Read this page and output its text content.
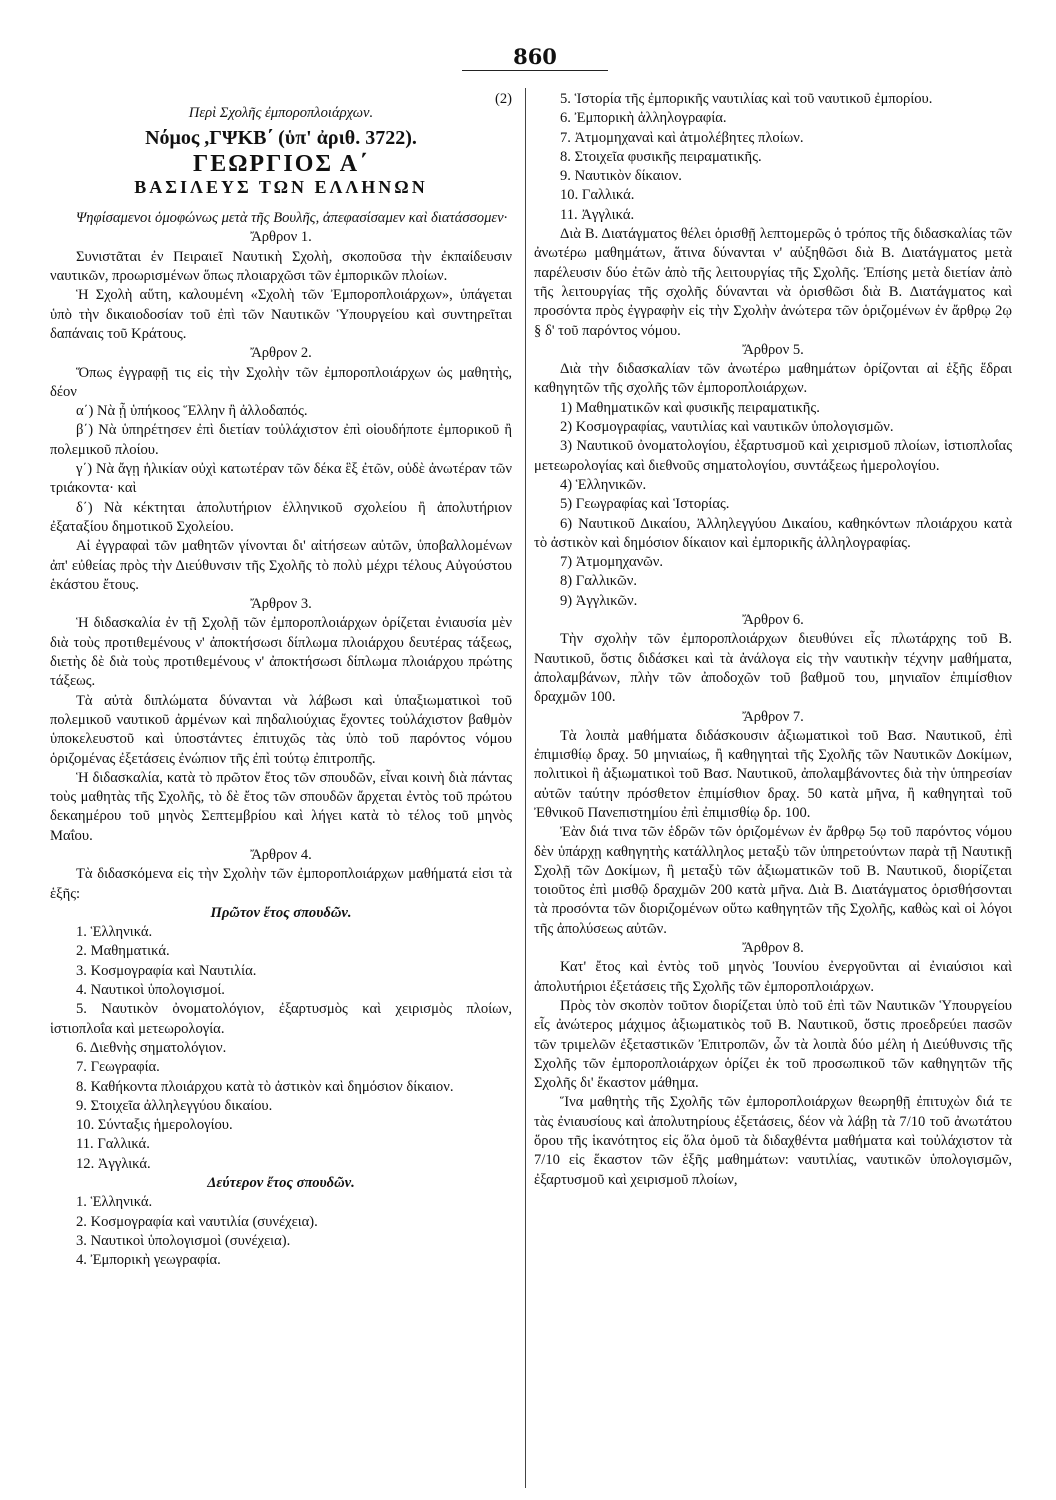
860

Περὶ Σχολῆς ἐμποροπλοιάρχων.
(2)

Νόμος ,ΓΨΚΒ΄ (ὑπ' ἀριθ. 3722).

ΓΕΩΡΓΙΟΣ Α΄

ΒΑΣΙΛΕΥΣ ΤΩΝ ΕΛΛΗΝΩΝ

Ψηφίσαμενοι ὁμοφώνως μετὰ τῆς Βουλῆς, ἀπεφασίσαμεν καὶ διατάσσομεν·

Ἄρθρον 1.

Συνιστᾶται ἐν Πειραιεῖ Ναυτικὴ Σχολὴ, σκοποῦσα τὴν ἐκπαίδευσιν ναυτικῶν, προωρισμένων ὅπως πλοιαρχῶσι τῶν ἐμπορικῶν πλοίων.

Ἡ Σχολὴ αὕτη, καλουμένη «Σχολὴ τῶν Ἐμποροπλοιάρχων», ὑπάγεται ὑπὸ τὴν δικαιοδοσίαν τοῦ ἐπὶ τῶν Ναυτικῶν Ὑπουργείου καὶ συντηρεῖται δαπάναις τοῦ Κράτους.

Ἄρθρον 2.

Ὅπως ἐγγραφῇ τις εἰς τὴν Σχολὴν τῶν ἐμποροπλοιάρχων ὡς μαθητὴς, δέον

α΄) Νὰ ᾖ ὑπήκοος Ἕλλην ἢ ἀλλοδαπός.

β΄) Νὰ ὑπηρέτησεν ἐπὶ διετίαν τοὐλάχιστον ἐπὶ οἱουδήποτε ἐμπορικοῦ ἢ πολεμικοῦ πλοίου.

γ΄) Νὰ ἄγῃ ἡλικίαν οὐχὶ κατωτέραν τῶν δέκα ἓξ ἐτῶν, οὐδὲ ἀνωτέραν τῶν τριάκοντα· καὶ

δ΄) Νὰ κέκτηται ἀπολυτήριον ἑλληνικοῦ σχολείου ἢ ἀπολυτήριον ἐξαταξίου δημοτικοῦ Σχολείου.

Αἱ ἐγγραφαὶ τῶν μαθητῶν γίνονται δι' αἰτήσεων αὐτῶν, ὑποβαλλομένων ἀπ' εὐθείας πρὸς τὴν Διεύθυνσιν τῆς Σχολῆς τὸ πολὺ μέχρι τέλους Αὐγούστου ἑκάστου ἔτους.

Ἄρθρον 3.

Ἡ διδασκαλία ἐν τῇ Σχολῇ τῶν ἐμποροπλοιάρχων ὁρίζεται ἐνιαυσία μὲν διὰ τοὺς προτιθεμένους ν' ἀποκτήσωσι δίπλωμα πλοιάρχου δευτέρας τάξεως, διετὴς δὲ διὰ τοὺς προτιθεμένους ν' ἀποκτήσωσι δίπλωμα πλοιάρχου πρώτης τάξεως.

Τὰ αὐτὰ διπλώματα δύνανται νὰ λάβωσι καὶ ὑπαξιωματικοὶ τοῦ πολεμικοῦ ναυτικοῦ ἀρμένων καὶ πηδαλιούχιας ἔχοντες τοὐλάχιστον βαθμὸν ὑποκελευστοῦ καὶ ὑποστάντες ἐπιτυχῶς τὰς ὑπὸ τοῦ παρόντος νόμου ὁριζομένας ἐξετάσεις ἐνώπιον τῆς ἐπὶ τούτῳ ἐπιτροπῆς.

Ἡ διδασκαλία, κατὰ τὸ πρῶτον ἔτος τῶν σπουδῶν, εἶναι κοινὴ διὰ πάντας τοὺς μαθητὰς τῆς Σχολῆς, τὸ δὲ ἔτος τῶν σπουδῶν ἄρχεται ἐντὸς τοῦ πρώτου δεκαημέρου τοῦ μηνὸς Σεπτεμβρίου καὶ λήγει κατὰ τὸ τέλος τοῦ μηνὸς Μαΐου.

Ἄρθρον 4.

Τὰ διδασκόμενα εἰς τὴν Σχολὴν τῶν ἐμποροπλοιάρχων μαθήματά εἰσι τὰ ἑξῆς:

Πρῶτον ἔτος σπουδῶν.

1. Ἑλληνικά.

2. Μαθηματικά.

3. Κοσμογραφία καὶ Ναυτιλία.

4. Ναυτικοὶ ὑπολογισμοί.

5. Ναυτικὸν ὀνοματολόγιον, ἐξαρτυσμὸς καὶ χειρισμὸς πλοίων, ἱστιοπλοΐα καὶ μετεωρολογία.

6. Διεθνὴς σηματολόγιον.

7. Γεωγραφία.

8. Καθήκοντα πλοιάρχου κατὰ τὸ ἀστικὸν καὶ δημόσιον δίκαιον.

9. Στοιχεῖα ἀλληλεγγύου δικαίου.

10. Σύνταξις ἡμερολογίου.

11. Γαλλικά.

12. Ἀγγλικά.

Δεύτερον ἔτος σπουδῶν.

1. Ἑλληνικά.

2. Κοσμογραφία καὶ ναυτιλία (συνέχεια).

3. Ναυτικοὶ ὑπολογισμοὶ (συνέχεια).

4. Ἐμπορικὴ γεωγραφία.

5. Ἱστορία τῆς ἐμπορικῆς ναυτιλίας καὶ τοῦ ναυτικοῦ ἐμπορίου.

6. Ἐμπορικὴ ἀλληλογραφία.

7. Ἀτμομηχαναὶ καὶ ἀτμολέβητες πλοίων.

8. Στοιχεῖα φυσικῆς πειραματικῆς.

9. Ναυτικὸν δίκαιον.

10. Γαλλικά.

11. Ἀγγλικά.

Διὰ Β. Διατάγματος θέλει ὁρισθῇ λεπτομερῶς ὁ τρόπος τῆς διδασκαλίας τῶν ἀνωτέρω μαθημάτων, ἅτινα δύνανται ν' αὐξηθῶσι διὰ Β. Διατάγματος μετὰ παρέλευσιν δύο ἐτῶν ἀπὸ τῆς λειτουργίας τῆς Σχολῆς. Ἐπίσης μετὰ διετίαν ἀπὸ τῆς λειτουργίας τῆς σχολῆς δύνανται νὰ ὁρισθῶσι διὰ Β. Διατάγματος καὶ προσόντα πρὸς ἐγγραφὴν εἰς τὴν Σχολὴν ἀνώτερα τῶν ὁριζομένων ἐν ἄρθρῳ 2ῳ § δ' τοῦ παρόντος νόμου.

Ἄρθρον 5.

Διὰ τὴν διδασκαλίαν τῶν ἀνωτέρω μαθημάτων ὁρίζονται αἱ ἑξῆς ἕδραι καθηγητῶν τῆς σχολῆς τῶν ἐμποροπλοιάρχων.

1) Μαθηματικῶν καὶ φυσικῆς πειραματικῆς.

2) Κοσμογραφίας, ναυτιλίας καὶ ναυτικῶν ὑπολογισμῶν.

3) Ναυτικοῦ ὀνοματολογίου, ἐξαρτυσμοῦ καὶ χειρισμοῦ πλοίων, ἱστιοπλοΐας μετεωρολογίας καὶ διεθνοῦς σηματολογίου, συντάξεως ἡμερολογίου.

4) Ἑλληνικῶν.

5) Γεωγραφίας καὶ Ἱστορίας.

6) Ναυτικοῦ Δικαίου, Ἀλληλεγγύου Δικαίου, καθηκόντων πλοιάρχου κατὰ τὸ ἀστικὸν καὶ δημόσιον δίκαιον καὶ ἐμπορικῆς ἀλληλογραφίας.

7) Ἀτμομηχανῶν.

8) Γαλλικῶν.

9) Ἀγγλικῶν.

Ἄρθρον 6.

Τὴν σχολὴν τῶν ἐμποροπλοιάρχων διευθύνει εἷς πλωτάρχης τοῦ Β. Ναυτικοῦ, ὅστις διδάσκει καὶ τὰ ἀνάλογα εἰς τὴν ναυτικὴν τέχνην μαθήματα, ἀπολαμβάνων, πλὴν τῶν ἀποδοχῶν τοῦ βαθμοῦ του, μηνιαῖον ἐπιμίσθιον δραχμῶν 100.

Ἄρθρον 7.

Τὰ λοιπὰ μαθήματα διδάσκουσιν ἀξιωματικοὶ τοῦ Βασ. Ναυτικοῦ, ἐπὶ ἐπιμισθίῳ δραχ. 50 μηνιαίως, ἢ καθηγηταὶ τῆς Σχολῆς τῶν Ναυτικῶν Δοκίμων, πολιτικοὶ ἢ ἀξιωματικοὶ τοῦ Βασ. Ναυτικοῦ, ἀπολαμβάνοντες διὰ τὴν ὑπηρεσίαν αὐτῶν ταύτην πρόσθετον ἐπιμίσθιον δραχ. 50 κατὰ μῆνα, ἢ καθηγηταὶ τοῦ Ἐθνικοῦ Πανεπιστημίου ἐπὶ ἐπιμισθίῳ δρ. 100.

Ἐὰν διά τινα τῶν ἑδρῶν τῶν ὁριζομένων ἐν ἄρθρῳ 5ῳ τοῦ παρόντος νόμου δὲν ὑπάρχῃ καθηγητὴς κατάλληλος μεταξὺ τῶν ὑπηρετούντων παρὰ τῇ Ναυτικῇ Σχολῇ τῶν Δοκίμων, ἢ μεταξὺ τῶν ἀξιωματικῶν τοῦ Β. Ναυτικοῦ, διορίζεται τοιοῦτος ἐπὶ μισθῷ δραχμῶν 200 κατὰ μῆνα. Διὰ Β. Διατάγματος ὁρισθήσονται τὰ προσόντα τῶν διοριζομένων οὕτω καθηγητῶν τῆς Σχολῆς, καθὼς καὶ οἱ λόγοι τῆς ἀπολύσεως αὐτῶν.

Ἄρθρον 8.

Κατ' ἔτος καὶ ἐντὸς τοῦ μηνὸς Ἰουνίου ἐνεργοῦνται αἱ ἐνιαύσιοι καὶ ἀπολυτήριοι ἐξετάσεις τῆς Σχολῆς τῶν ἐμποροπλοιάρχων.

Πρὸς τὸν σκοπὸν τοῦτον διορίζεται ὑπὸ τοῦ ἐπὶ τῶν Ναυτικῶν Ὑπουργείου εἷς ἀνώτερος μάχιμος ἀξιωματικὸς τοῦ Β. Ναυτικοῦ, ὅστις προεδρεύει πασῶν τῶν τριμελῶν ἐξεταστικῶν Ἐπιτροπῶν, ὧν τὰ λοιπὰ δύο μέλη ἡ Διεύθυνσις τῆς Σχολῆς τῶν ἐμποροπλοιάρχων ὁρίζει ἐκ τοῦ προσωπικοῦ τῶν καθηγητῶν τῆς Σχολῆς δι' ἕκαστον μάθημα.

Ἵνα μαθητὴς τῆς Σχολῆς τῶν ἐμποροπλοιάρχων θεωρηθῇ ἐπιτυχὼν διά τε τὰς ἐνιαυσίους καὶ ἀπολυτηρίους ἐξετάσεις, δέον νὰ λάβῃ τὰ 7/10 τοῦ ἀνωτάτου ὅρου τῆς ἱκανότητος εἰς ὅλα ὁμοῦ τὰ διδαχθέντα μαθήματα καὶ τοὐλάχιστον τὰ 7/10 εἰς ἕκαστον τῶν ἑξῆς μαθημάτων: ναυτιλίας, ναυτικῶν ὑπολογισμῶν, ἐξαρτυσμοῦ καὶ χειρισμοῦ πλοίων,
